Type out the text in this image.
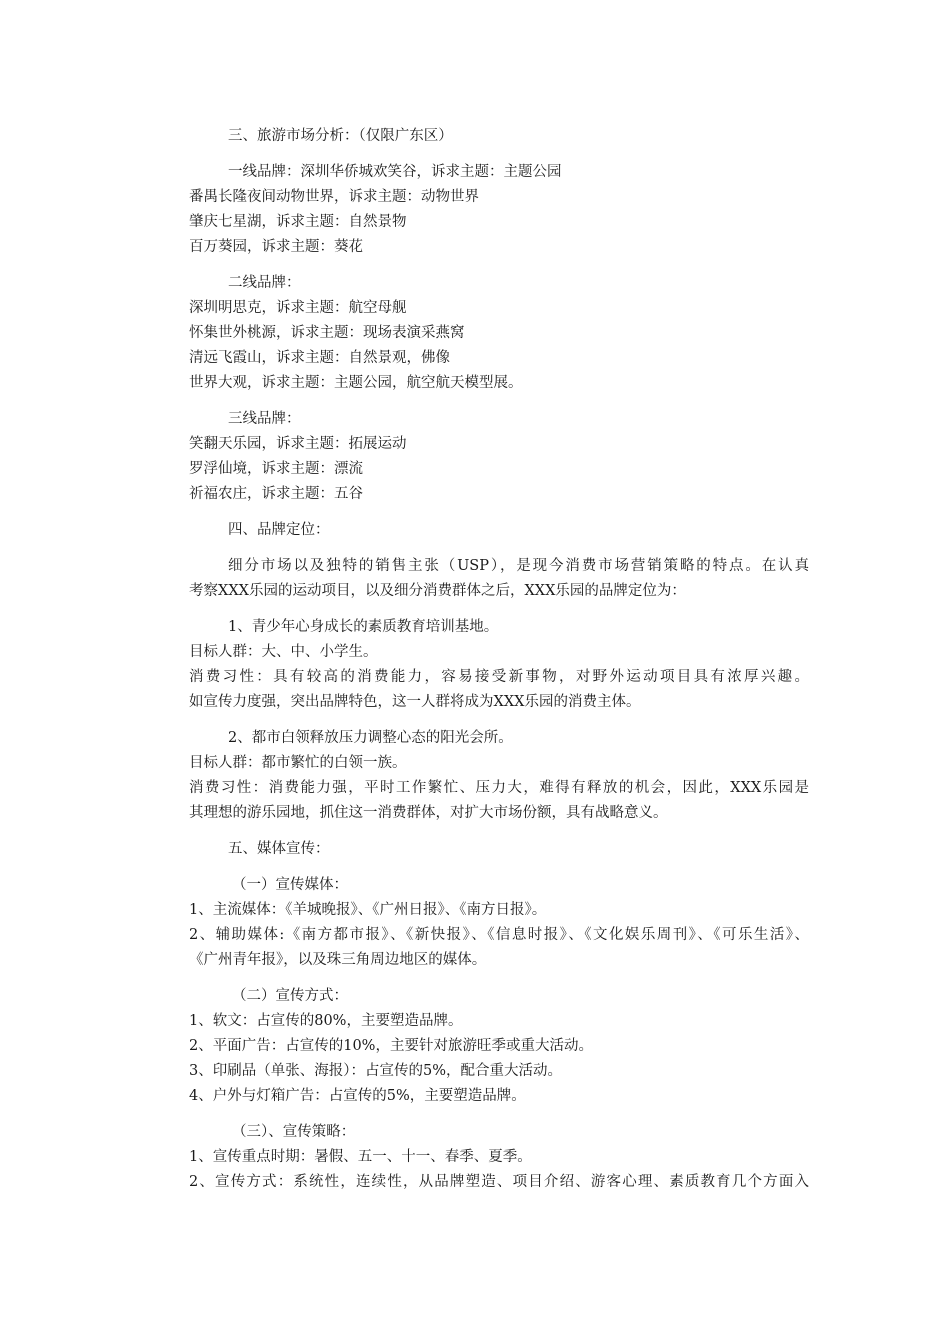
三、旅游市场分析：（仅限广东区）
一线品牌：深圳华侨城欢笑谷，诉求主题：主题公园
番禺长隆夜间动物世界，诉求主题：动物世界
肇庆七星湖，诉求主题：自然景物
百万葵园，诉求主题：葵花
二线品牌：
深圳明思克，诉求主题：航空母舰
怀集世外桃源，诉求主题：现场表演采燕窝
清远飞霞山，诉求主题：自然景观，佛像
世界大观，诉求主题：主题公园，航空航天模型展。
三线品牌：
笑翻天乐园，诉求主题：拓展运动
罗浮仙境，诉求主题：漂流
祈福农庄，诉求主题：五谷
四、品牌定位：
细分市场以及独特的销售主张（USP），是现今消费市场营销策略的特点。在认真
考察XXX乐园的运动项目，以及细分消费群体之后，XXX乐园的品牌定位为：
1、青少年心身成长的素质教育培训基地。
目标人群：大、中、小学生。
消费习性：具有较高的消费能力，容易接受新事物，对野外运动项目具有浓厚兴趣。
如宣传力度强，突出品牌特色，这一人群将成为XXX乐园的消费主体。
2、都市白领释放压力调整心态的阳光会所。
目标人群：都市繁忙的白领一族。
消费习性：消费能力强，平时工作繁忙、压力大，难得有释放的机会，因此，XXX乐园是
其理想的游乐园地，抓住这一消费群体，对扩大市场份额，具有战略意义。
五、媒体宣传：
（一）宣传媒体：
1、主流媒体：《羊城晚报》、《广州日报》、《南方日报》。
2、辅助媒体:《南方都市报》、《新快报》、《信息时报》、《文化娱乐周刊》、《可乐生活》、
《广州青年报》，以及珠三角周边地区的媒体。
（二）宣传方式：
1、软文：占宣传的80%，主要塑造品牌。
2、平面广告：占宣传的10%，主要针对旅游旺季或重大活动。
3、印刷品（单张、海报）：占宣传的5%，配合重大活动。
4、户外与灯箱广告：占宣传的5%，主要塑造品牌。
（三）、宣传策略：
1、宣传重点时期：暑假、五一、十一、春季、夏季。
2、宣传方式：系统性，连续性，从品牌塑造、项目介绍、游客心理、素质教育几个方面入
